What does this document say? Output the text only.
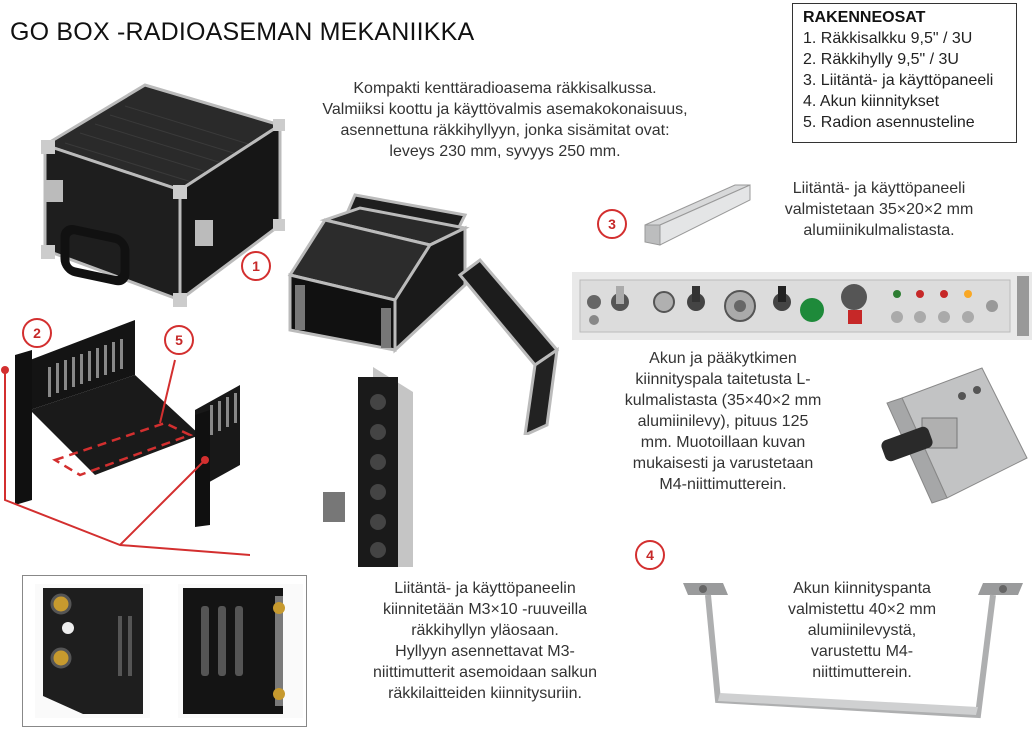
GO BOX -RADIOASEMAN MEKANIIKKA
RAKENNEOSAT
1. Räkkisalkku 9,5" / 3U
2. Räkkihylly 9,5" / 3U
3. Liitäntä- ja käyttöpaneeli
4. Akun kiinnitykset
5. Radion asennusteline
Kompakti kenttäradioasema räkkisalkussa.
Valmiiksi koottu ja käyttövalmis asemakokonaisuus,
asennettuna räkkihyllyyn, jonka sisämitat ovat:
leveys 230 mm, syvyys 250 mm.
Liitäntä- ja käyttöpaneeli
valmistetaan 35×20×2 mm
alumiinikulmalistasta.
Akun ja pääkytkimen
kiinnityspala taitetusta L-
kulmalistasta (35×40×2 mm
alumiinilevy), pituus 125
mm. Muotoillaan kuvan
mukaisesti ja varustetaan
M4-niittimutterein.
Liitäntä- ja käyttöpaneelin
kiinnitetään M3×10 -ruuveilla
räkkihyllyn yläosaan.
Hyllyyn asennettavat M3-
niittimutterit asemoidaan salkun
räkkilaitteiden kiinnitysuriin.
Akun kiinnityspanta
valmistettu 40×2 mm
alumiinilevystä,
varustettu M4-
niittimutterein.
1
2
3
4
5
